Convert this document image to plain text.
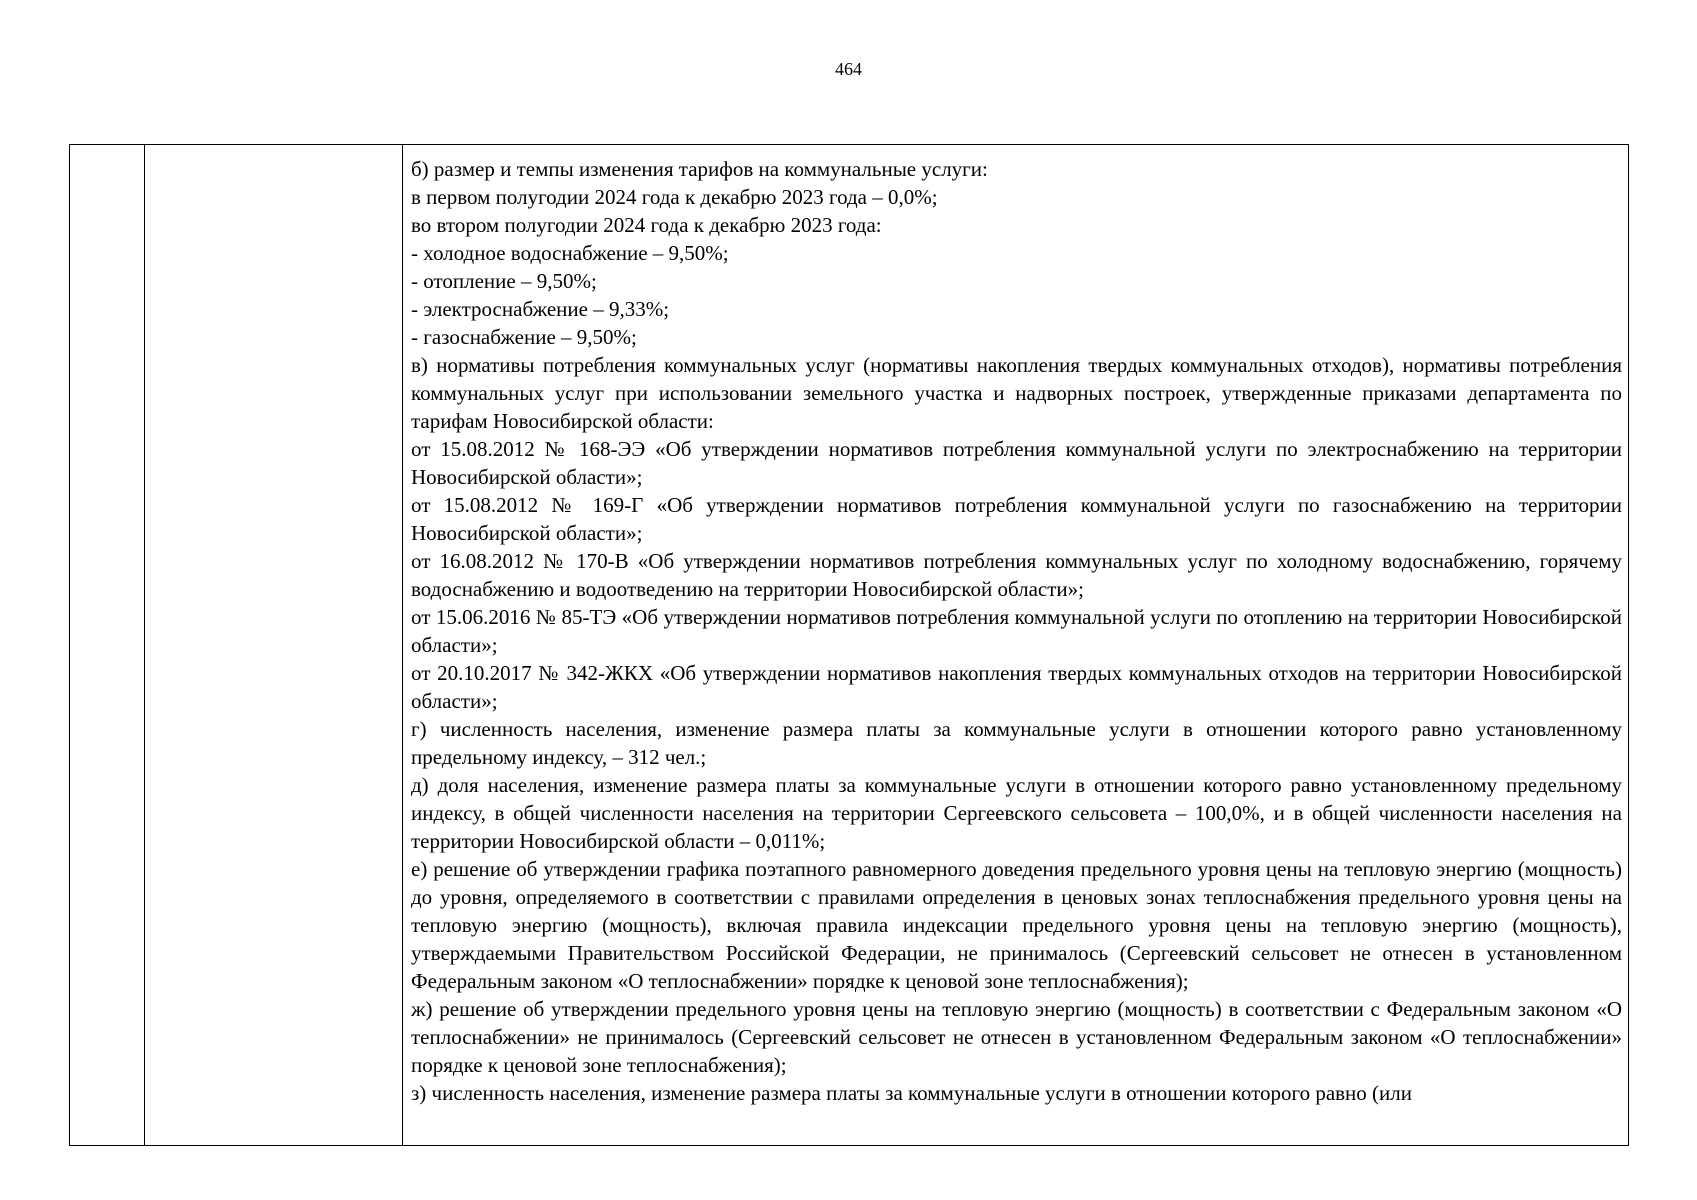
464

б) размер и темпы изменения тарифов на коммунальные услуги:

в первом полугодии 2024 года к декабрю 2023 года – 0,0%;

во втором полугодии 2024 года к декабрю 2023 года:

- холодное водоснабжение – 9,50%;

- отопление – 9,50%;

- электроснабжение – 9,33%;

- газоснабжение – 9,50%;

в) нормативы потребления коммунальных услуг (нормативы накопления твердых коммунальных отходов), нормативы потребления коммунальных услуг при использовании земельного участка и надворных построек, утвержденные приказами департамента по тарифам Новосибирской области:

от 15.08.2012 № 168-ЭЭ «Об утверждении нормативов потребления коммунальной услуги по электроснабжению на территории Новосибирской области»;

от 15.08.2012 № 169-Г «Об утверждении нормативов потребления коммунальной услуги по газоснабжению на территории Новосибирской области»;

от 16.08.2012 № 170-В «Об утверждении нормативов потребления коммунальных услуг по холодному водоснабжению, горячему водоснабжению и водоотведению на территории Новосибирской области»;

от 15.06.2016 № 85-ТЭ «Об утверждении нормативов потребления коммунальной услуги по отоплению на территории Новосибирской области»;

от 20.10.2017 № 342-ЖКХ «Об утверждении нормативов накопления твердых коммунальных отходов на территории Новосибирской области»;

г) численность населения, изменение размера платы за коммунальные услуги в отношении которого равно установленному предельному индексу, – 312 чел.;

д) доля населения, изменение размера платы за коммунальные услуги в отношении которого равно установленному предельному индексу, в общей численности населения на территории Сергеевского сельсовета – 100,0%, и в общей численности населения на территории Новосибирской области – 0,011%;

е) решение об утверждении графика поэтапного равномерного доведения предельного уровня цены на тепловую энергию (мощность) до уровня, определяемого в соответствии с правилами определения в ценовых зонах теплоснабжения предельного уровня цены на тепловую энергию (мощность), включая правила индексации предельного уровня цены на тепловую энергию (мощность), утверждаемыми Правительством Российской Федерации, не принималось (Сергеевский сельсовет не отнесен в установленном Федеральным законом «О теплоснабжении» порядке к ценовой зоне теплоснабжения);

ж) решение об утверждении предельного уровня цены на тепловую энергию (мощность) в соответствии с Федеральным законом «О теплоснабжении» не принималось (Сергеевский сельсовет не отнесен в установленном Федеральным законом «О теплоснабжении» порядке к ценовой зоне теплоснабжения);

з) численность населения, изменение размера платы за коммунальные услуги в отношении которого равно (или
